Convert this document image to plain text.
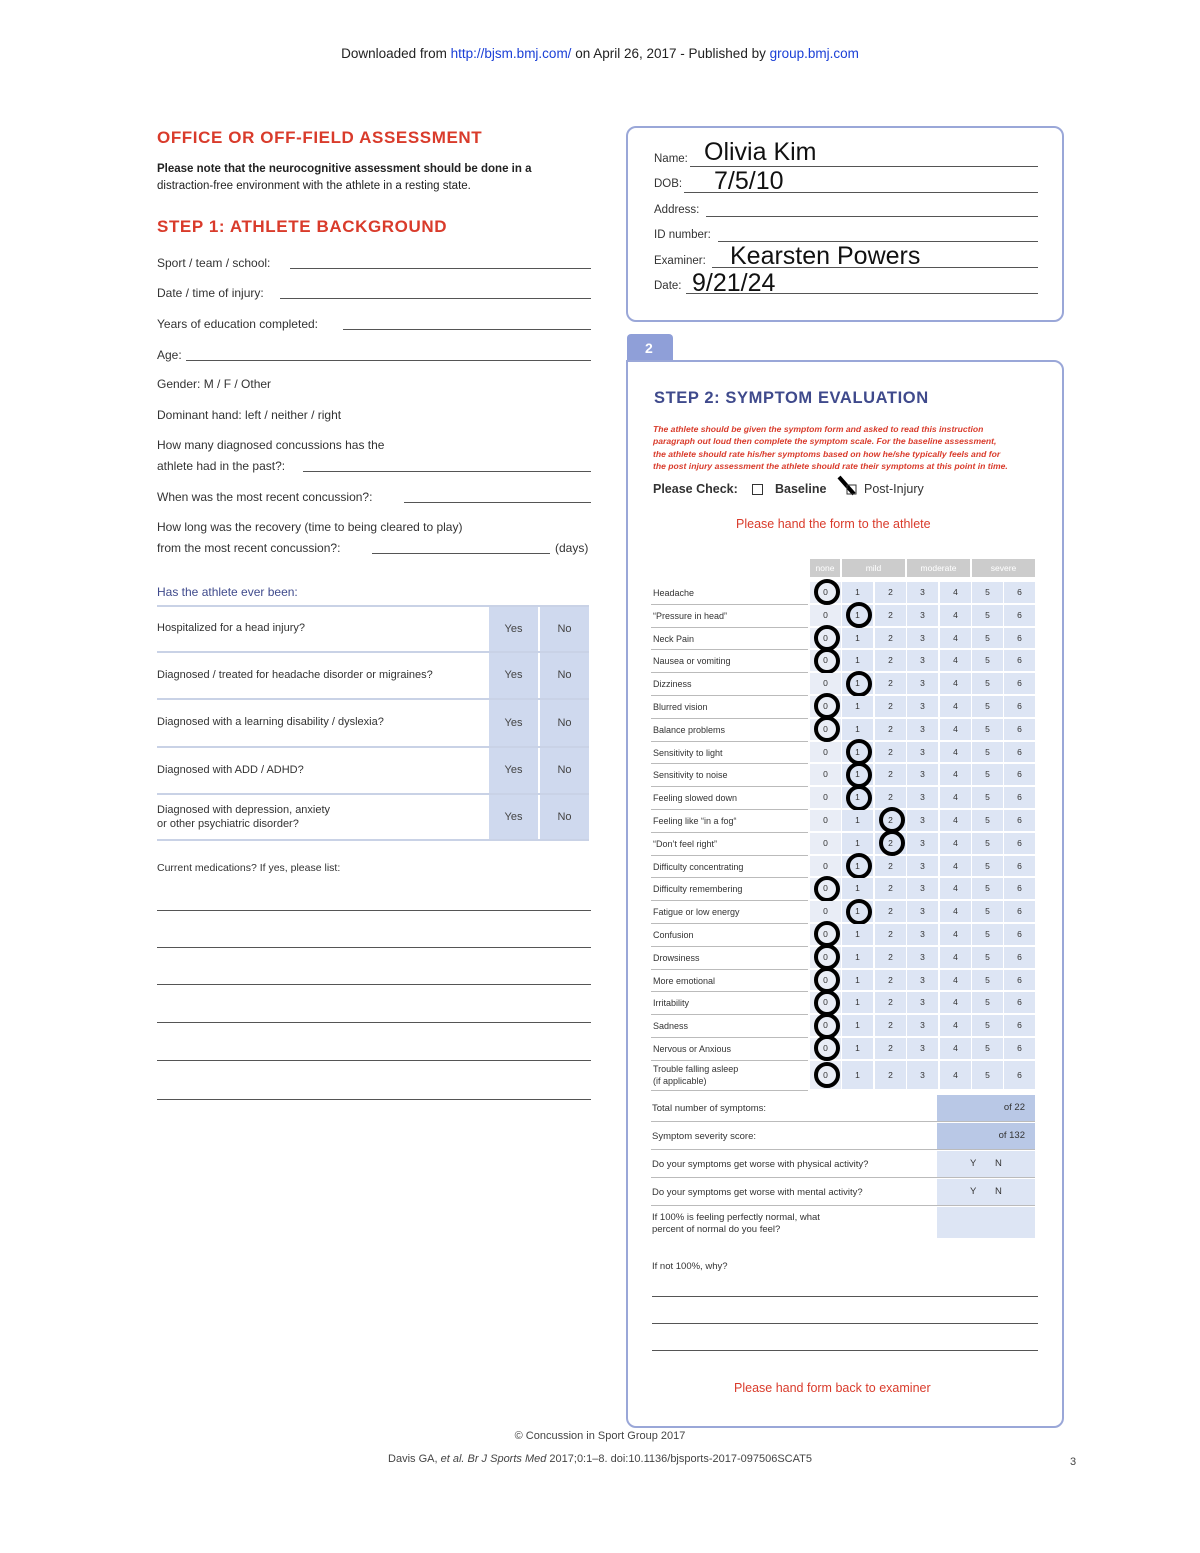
Downloaded from http://bjsm.bmj.com/ on April 26, 2017 - Published by group.bmj.com
OFFICE OR OFF-FIELD ASSESSMENT
Please note that the neurocognitive assessment should be done in a
distraction-free environment with the athlete in a resting state.
STEP 1: ATHLETE BACKGROUND
Sport / team / school:
Date / time of injury:
Years of education completed:
Age:
Gender: M / F / Other
Dominant hand: left / neither / right
How many diagnosed concussions has the
athlete had in the past?:
When was the most recent concussion?:
How long was the recovery (time to being cleared to play)
from the most recent concussion?:	(days)
Has the athlete ever been:
Hospitalized for a head injury?	Yes	No
Diagnosed / treated for headache disorder or migraines?	Yes	No
Diagnosed with a learning disability / dyslexia?	Yes	No
Diagnosed with ADD / ADHD?	Yes	No
Diagnosed with depression, anxiety
or other psychiatric disorder?
Yes	No
Current medications? If yes, please list:
Name: Olivia Kim
DOB: 7/5/10
Address:
ID number:
Examiner: Kearsten Powers
Date: 9/21/24
2
STEP 2: SYMPTOM EVALUATION
The athlete should be given the symptom form and asked to read this instruction
paragraph out loud then complete the symptom scale. For the baseline assessment,
the athlete should rate his/her symptoms based on how he/she typically feels and for
the post injury assessment the athlete should rate their symptoms at this point in time.
Please Check:	Baseline	Post-Injury
Please hand the form to the athlete
none	mild	moderate	severe
Headache	0	1	2	3	4	5	6
“Pressure in head”	0	1	2	3	4	5	6
Neck Pain	0	1	2	3	4	5	6
Nausea or vomiting	0	1	2	3	4	5	6
Dizziness	0	1	2	3	4	5	6
Blurred vision	0	1	2	3	4	5	6
Balance problems	0	1	2	3	4	5	6
Sensitivity to light	0	1	2	3	4	5	6
Sensitivity to noise	0	1	2	3	4	5	6
Feeling slowed down	0	1	2	3	4	5	6
Feeling like “in a fog“	0	1	2	3	4	5	6
“Don’t feel right”	0	1	2	3	4	5	6
Difficulty concentrating	0	1	2	3	4	5	6
Difficulty remembering	0	1	2	3	4	5	6
Fatigue or low energy	0	1	2	3	4	5	6
Confusion	0	1	2	3	4	5	6
Drowsiness	0	1	2	3	4	5	6
More emotional	0	1	2	3	4	5	6
Irritability	0	1	2	3	4	5	6
Sadness	0	1	2	3	4	5	6
Nervous or Anxious	0	1	2	3	4	5	6
Trouble falling asleep
(if applicable)
0	1	2	3	4	5	6
Total number of symptoms:	of 22
Symptom severity score:	of 132
Do your symptoms get worse with physical activity?	Y N
Do your symptoms get worse with mental activity?	Y N
If 100% is feeling perfectly normal, what
percent of normal do you feel?
If not 100%, why?
Please hand form back to examiner
© Concussion in Sport Group 2017
Davis GA, et al. Br J Sports Med 2017;0:1–8. doi:10.1136/bjsports-2017-097506SCAT5	3
